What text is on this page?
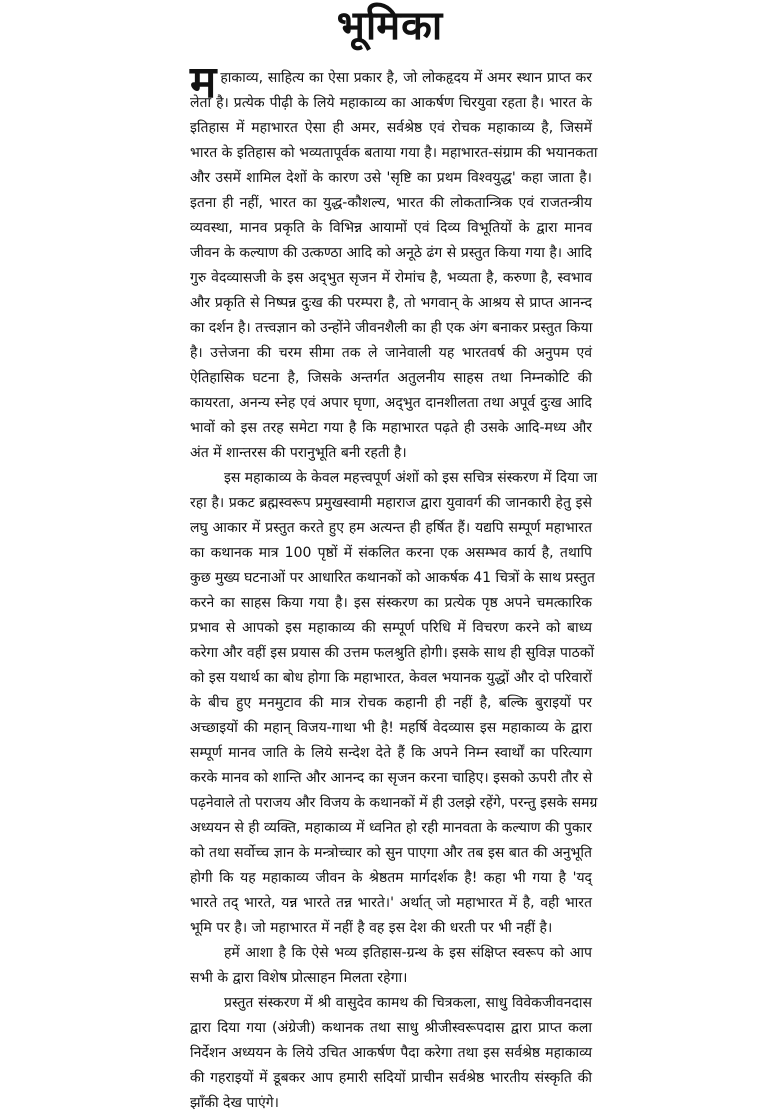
भूमिका
महाकाव्य, साहित्य का ऐसा प्रकार है, जो लोकहृदय में अमर स्थान प्राप्त कर
लेता है। प्रत्येक पीढ़ी के लिये महाकाव्य का आकर्षण चिरयुवा रहता है। भारत के
इतिहास में महाभारत ऐसा ही अमर, सर्वश्रेष्ठ एवं रोचक महाकाव्य है, जिसमें
भारत के इतिहास को भव्यतापूर्वक बताया गया है। महाभारत-संग्राम की भयानकता
और उसमें शामिल देशों के कारण उसे 'सृष्टि का प्रथम विश्वयुद्ध' कहा जाता है।
इतना ही नहीं, भारत का युद्ध-कौशल्य, भारत की लोकतान्त्रिक एवं राजतन्त्रीय
व्यवस्था, मानव प्रकृति के विभिन्न आयामों एवं दिव्य विभूतियों के द्वारा मानव
जीवन के कल्याण की उत्कण्ठा आदि को अनूठे ढंग से प्रस्तुत किया गया है। आदि
गुरु वेदव्यासजी के इस अद्‌भुत सृजन में रोमांच है, भव्यता है, करुणा है, स्वभाव
और प्रकृति से निष्पन्न दुःख की परम्परा है, तो भगवान् के आश्रय से प्राप्त आनन्द
का दर्शन है। तत्त्वज्ञान को उन्होंने जीवनशैली का ही एक अंग बनाकर प्रस्तुत किया
है। उत्तेजना की चरम सीमा तक ले जानेवाली यह भारतवर्ष की अनुपम एवं
ऐतिहासिक घटना है, जिसके अन्तर्गत अतुलनीय साहस तथा निम्नकोटि की
कायरता, अनन्य स्नेह एवं अपार घृणा, अद्‌भुत दानशीलता तथा अपूर्व दुःख आदि
भावों को इस तरह समेटा गया है कि महाभारत पढ़ते ही उसके आदि-मध्य और
अंत में शान्तरस की परानुभूति बनी रहती है।
इस महाकाव्य के केवल महत्त्वपूर्ण अंशों को इस सचित्र संस्करण में दिया जा
रहा है। प्रकट ब्रह्मस्वरूप प्रमुखस्वामी महाराज द्वारा युवावर्ग की जानकारी हेतु इसे
लघु आकार में प्रस्तुत करते हुए हम अत्यन्त ही हर्षित हैं। यद्यपि सम्पूर्ण महाभारत
का कथानक मात्र 100 पृष्ठों में संकलित करना एक असम्भव कार्य है, तथापि
कुछ मुख्य घटनाओं पर आधारित कथानकों को आकर्षक 41 चित्रों के साथ प्रस्तुत
करने का साहस किया गया है। इस संस्करण का प्रत्येक पृष्ठ अपने चमत्कारिक
प्रभाव से आपको इस महाकाव्य की सम्पूर्ण परिधि में विचरण करने को बाध्य
करेगा और वहीं इस प्रयास की उत्तम फलश्रुति होगी। इसके साथ ही सुविज्ञ पाठकों
को इस यथार्थ का बोध होगा कि महाभारत, केवल भयानक युद्धों और दो परिवारों
के बीच हुए मनमुटाव की मात्र रोचक कहानी ही नहीं है, बल्कि बुराइयों पर
अच्छाइयों की महान् विजय-गाथा भी है! महर्षि वेदव्यास इस महाकाव्य के द्वारा
सम्पूर्ण मानव जाति के लिये सन्देश देते हैं कि अपने निम्न स्वार्थों का परित्याग
करके मानव को शान्ति और आनन्द का सृजन करना चाहिए। इसको ऊपरी तौर से
पढ़नेवाले तो पराजय और विजय के कथानकों में ही उलझे रहेंगे, परन्तु इसके समग्र
अध्ययन से ही व्यक्ति, महाकाव्य में ध्वनित हो रही मानवता के कल्याण की पुकार
को तथा सर्वोच्च ज्ञान के मन्त्रोच्चार को सुन पाएगा और तब इस बात की अनुभूति
होगी कि यह महाकाव्य जीवन के श्रेष्ठतम मार्गदर्शक है! कहा भी गया है 'यद्
भारते तद् भारते, यन्न भारते तन्न भारते।' अर्थात् जो महाभारत में है, वही भारत
भूमि पर है। जो महाभारत में नहीं है वह इस देश की धरती पर भी नहीं है।
हमें आशा है कि ऐसे भव्य इतिहास-ग्रन्थ के इस संक्षिप्त स्वरूप को आप
सभी के द्वारा विशेष प्रोत्साहन मिलता रहेगा।
प्रस्तुत संस्करण में श्री वासुदेव कामथ की चित्रकला, साधु विवेकजीवनदास
द्वारा दिया गया (अंग्रेजी) कथानक तथा साधु श्रीजीस्वरूपदास द्वारा प्राप्त कला
निर्देशन अध्ययन के लिये उचित आकर्षण पैदा करेगा तथा इस सर्वश्रेष्ठ महाकाव्य
की गहराइयों में डूबकर आप हमारी सदियों प्राचीन सर्वश्रेष्ठ भारतीय संस्कृति की
झाँकी देख पाएंगे।
